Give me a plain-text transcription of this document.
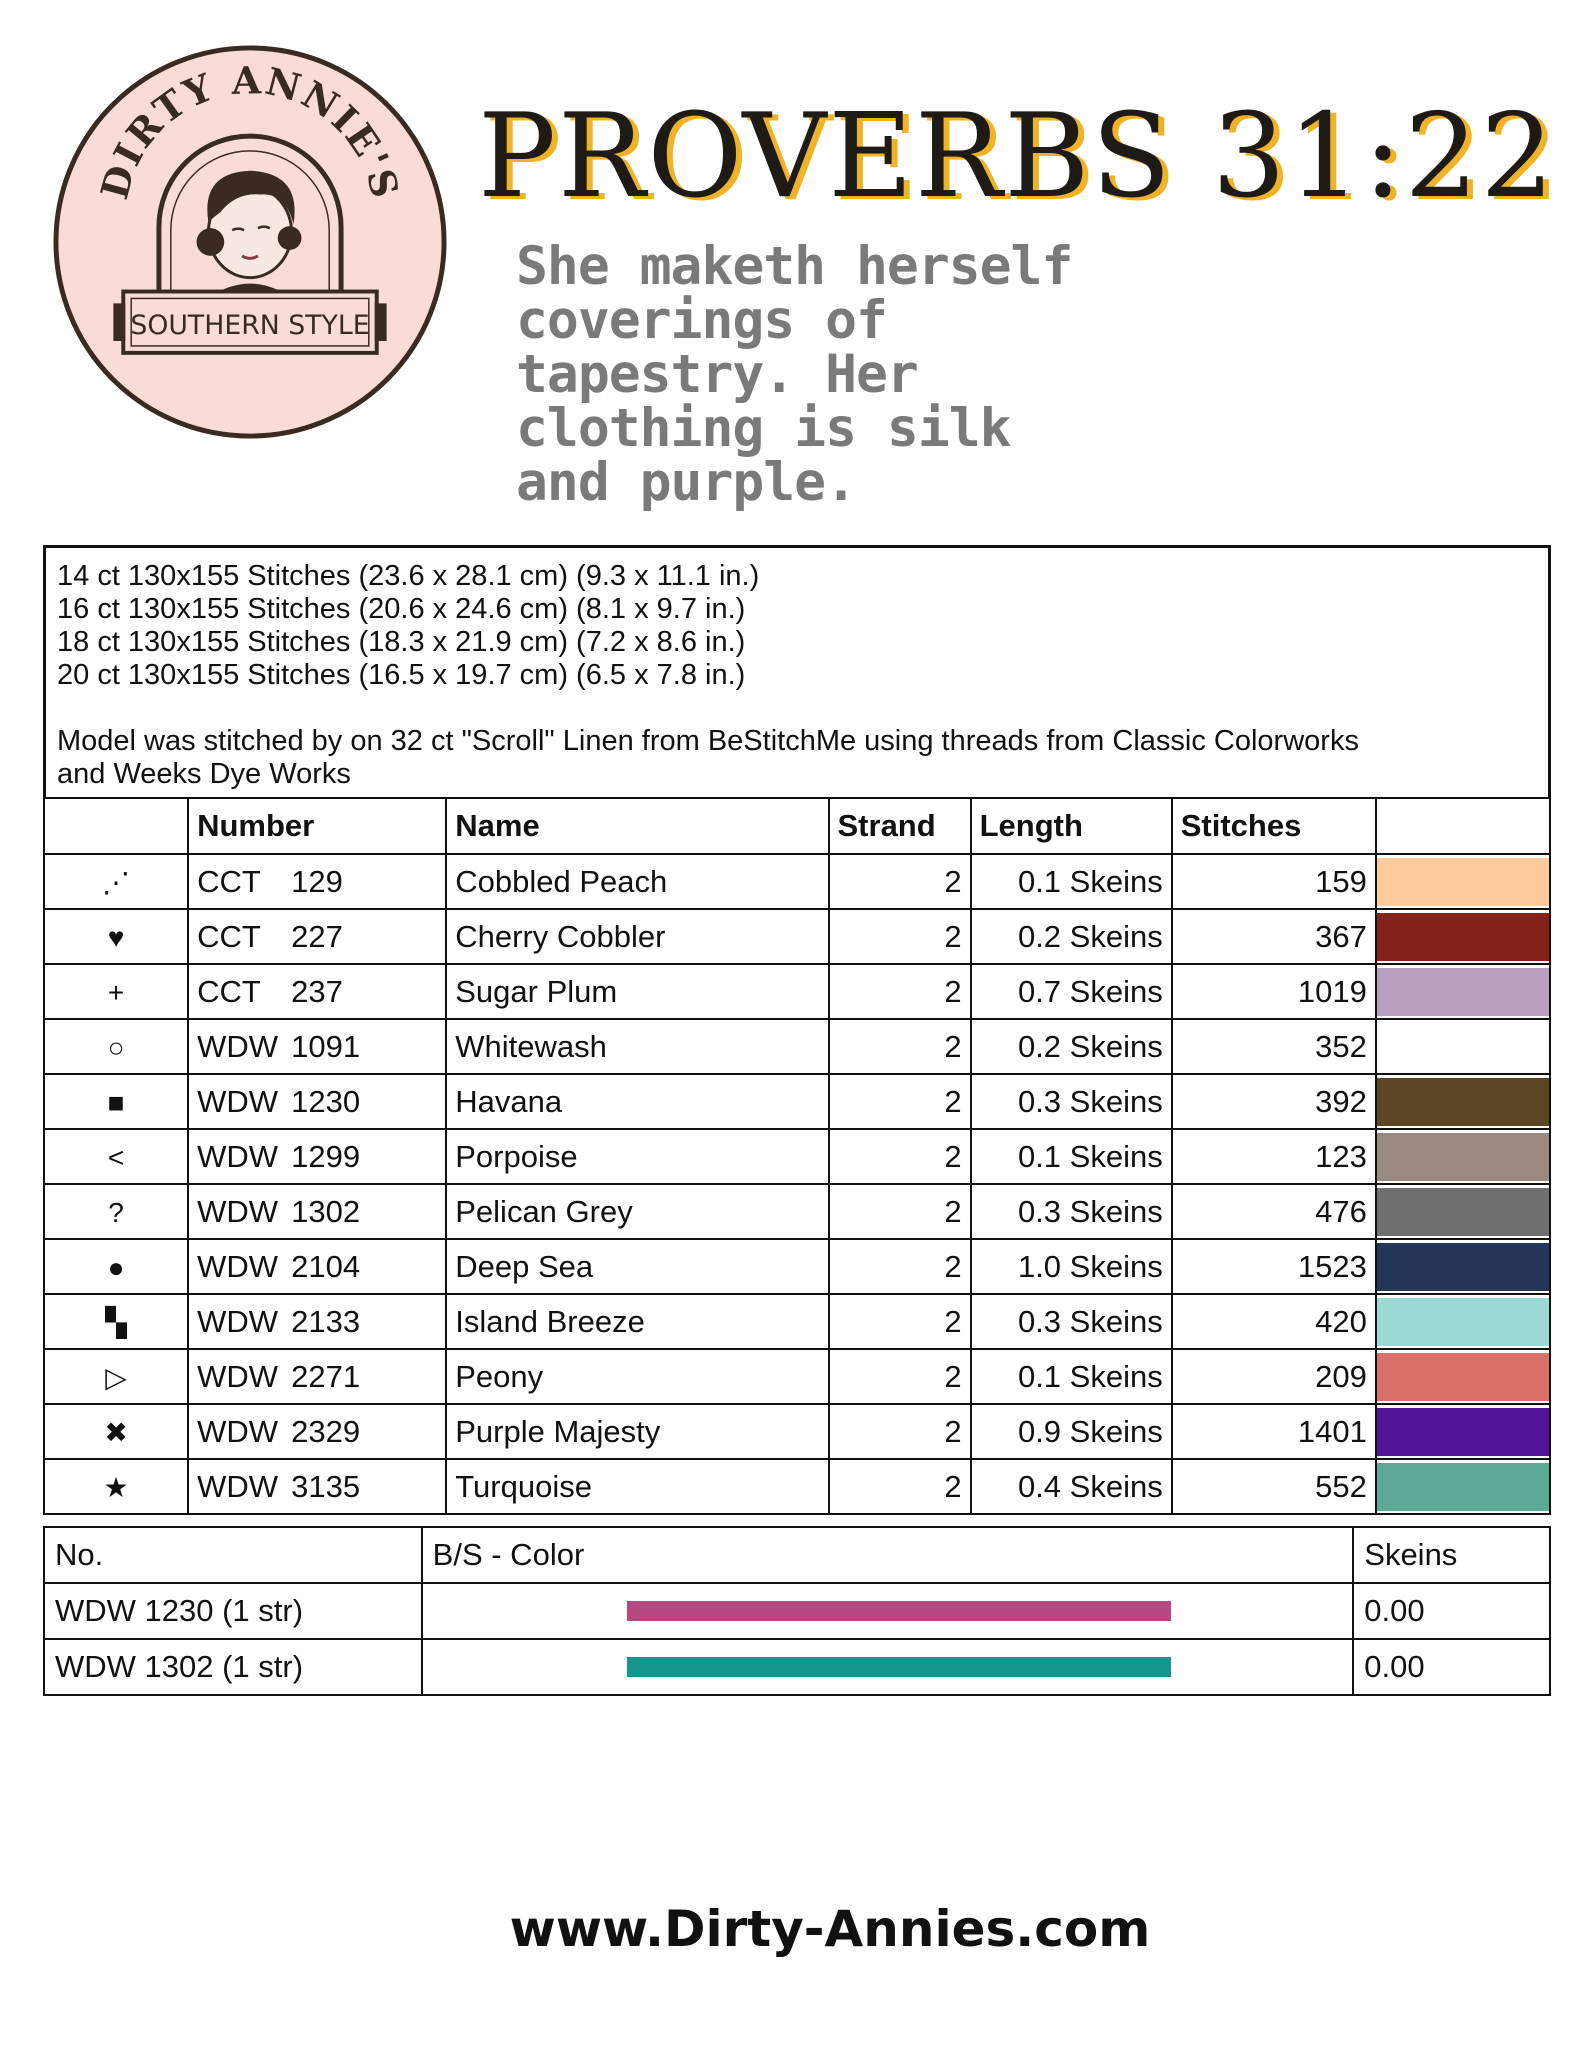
DIRTY ANNIE'S
SOUTHERN STYLE
PROVERBS 31:22
She maketh herself
coverings of
tapestry. Her
clothing is silk
and purple.
14 ct 130x155 Stitches (23.6 x 28.1 cm) (9.3 x 11.1 in.)
16 ct 130x155 Stitches (20.6 x 24.6 cm) (8.1 x 9.7 in.)
18 ct 130x155 Stitches (18.3 x 21.9 cm) (7.2 x 8.6 in.)
20 ct 130x155 Stitches (16.5 x 19.7 cm) (6.5 x 7.8 in.)
Model was stitched by on 32 ct "Scroll" Linen from BeStitchMe using threads from Classic Colorworks
and Weeks Dye Works
	Number	Name	Strand	Length	Stitches	
⋰	CCT 129	Cobbled Peach	2	0.1 Skeins	159	

♥	CCT 227	Cherry Cobbler	2	0.2 Skeins	367	

+	CCT 237	Sugar Plum	2	0.7 Skeins	1019	

○	WDW 1091	Whitewash	2	0.2 Skeins	352	

■	WDW 1230	Havana	2	0.3 Skeins	392	

<	WDW 1299	Porpoise	2	0.1 Skeins	123	

?	WDW 1302	Pelican Grey	2	0.3 Skeins	476	

●	WDW 2104	Deep Sea	2	1.0 Skeins	1523	

▚	WDW 2133	Island Breeze	2	0.3 Skeins	420	

▷	WDW 2271	Peony	2	0.1 Skeins	209	

✖	WDW 2329	Purple Majesty	2	0.9 Skeins	1401	

★	WDW 3135	Turquoise	2	0.4 Skeins	552	
No.	B/S - Color	Skeins
WDW 1230 (1 str)		0.00
WDW 1302 (1 str)		0.00
www.Dirty-Annies.com
